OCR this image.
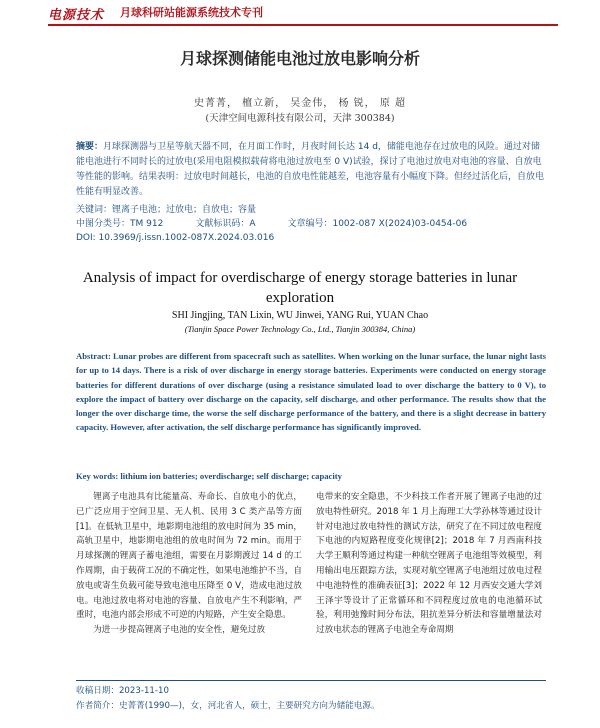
电源技术 月球科研站能源系统技术专刊
月球探测储能电池过放电影响分析
史菁菁， 檀立新， 吴金伟， 杨 锐， 原 超
(天津空间电源科技有限公司，天津 300384)
摘要：月球探测器与卫星等航天器不同，在月面工作时，月夜时间长达 14 d，储能电池存在过放电的风险。通过对储能电池进行不同时长的过放电(采用电阻模拟载荷将电池过放电至 0 V)试验，探讨了电池过放电对电池的容量、自放电等性能的影响。结果表明：过放电时间越长，电池的自放电性能越差，电池容量有小幅度下降。但经过活化后，自放电性能有明显改善。
关键词：锂离子电池；过放电；自放电；容量
中图分类号：TM 912	文献标识码：A	文章编号：1002-087 X(2024)03-0454-06
DOI: 10.3969/j.issn.1002-087X.2024.03.016
Analysis of impact for overdischarge of energy storage batteries in lunar exploration
SHI Jingjing, TAN Lixin, WU Jinwei, YANG Rui, YUAN Chao
(Tianjin Space Power Technology Co., Ltd., Tianjin 300384, China)
Abstract: Lunar probes are different from spacecraft such as satellites. When working on the lunar surface, the lunar night lasts for up to 14 days. There is a risk of over discharge in energy storage batteries. Experiments were conducted on energy storage batteries for different durations of over discharge (using a resistance simulated load to over discharge the battery to 0 V), to explore the impact of battery over discharge on the capacity, self discharge, and other performance. The results show that the longer the over discharge time, the worse the self discharge performance of the battery, and there is a slight decrease in battery capacity. However, after activation, the self discharge performance has significantly improved.
Key words: lithium ion batteries; overdischarge; self discharge; capacity

锂离子电池具有比能量高、寿命长、自放电小的优点，已广泛应用于空间卫星、无人机、民用 3 C 类产品等方面[1]。在低轨卫星中，地影期电池组的放电时间为 35 min，高轨卫星中，地影期电池组的放电时间为 72 min。而用于月球探测的锂离子蓄电池组，需要在月影期渡过 14 d 的工作周期，由于载荷工况的不确定性，如果电池维护不当，自放电或寄生负载可能导致电池电压降至 0 V，造成电池过放电。电池过放电将对电池的容量、自放电产生不利影响，严重时，电池内部会形成不可逆的内短路，产生安全隐患。

为进一步提高锂离子电池的安全性，避免过放

电带来的安全隐患，不少科技工作者开展了锂离子电池的过放电特性研究。2018 年 1 月上海理工大学孙林等通过设计针对电池过放电特性的测试方法，研究了在不同过放电程度下电池的内短路程度变化规律[2]；2018 年 7 月西南科技大学王顺利等通过构建一种航空锂离子电池组等效模型，利用输出电压跟踪方法，实现对航空锂离子电池组过放电过程中电池特性的准确表征[3]；2022 年 12 月西安交通大学刘王泽宇等设计了正常循环和不同程度过放电的电池循环试验，利用弛豫时间分布法，阻抗差异分析法和容量增量法对过放电状态的锂离子电池全寿命周期

收稿日期：2023-11-10
作者简介：史菁菁(1990—)，女，河北省人，硕士，主要研究方向为储能电源。
